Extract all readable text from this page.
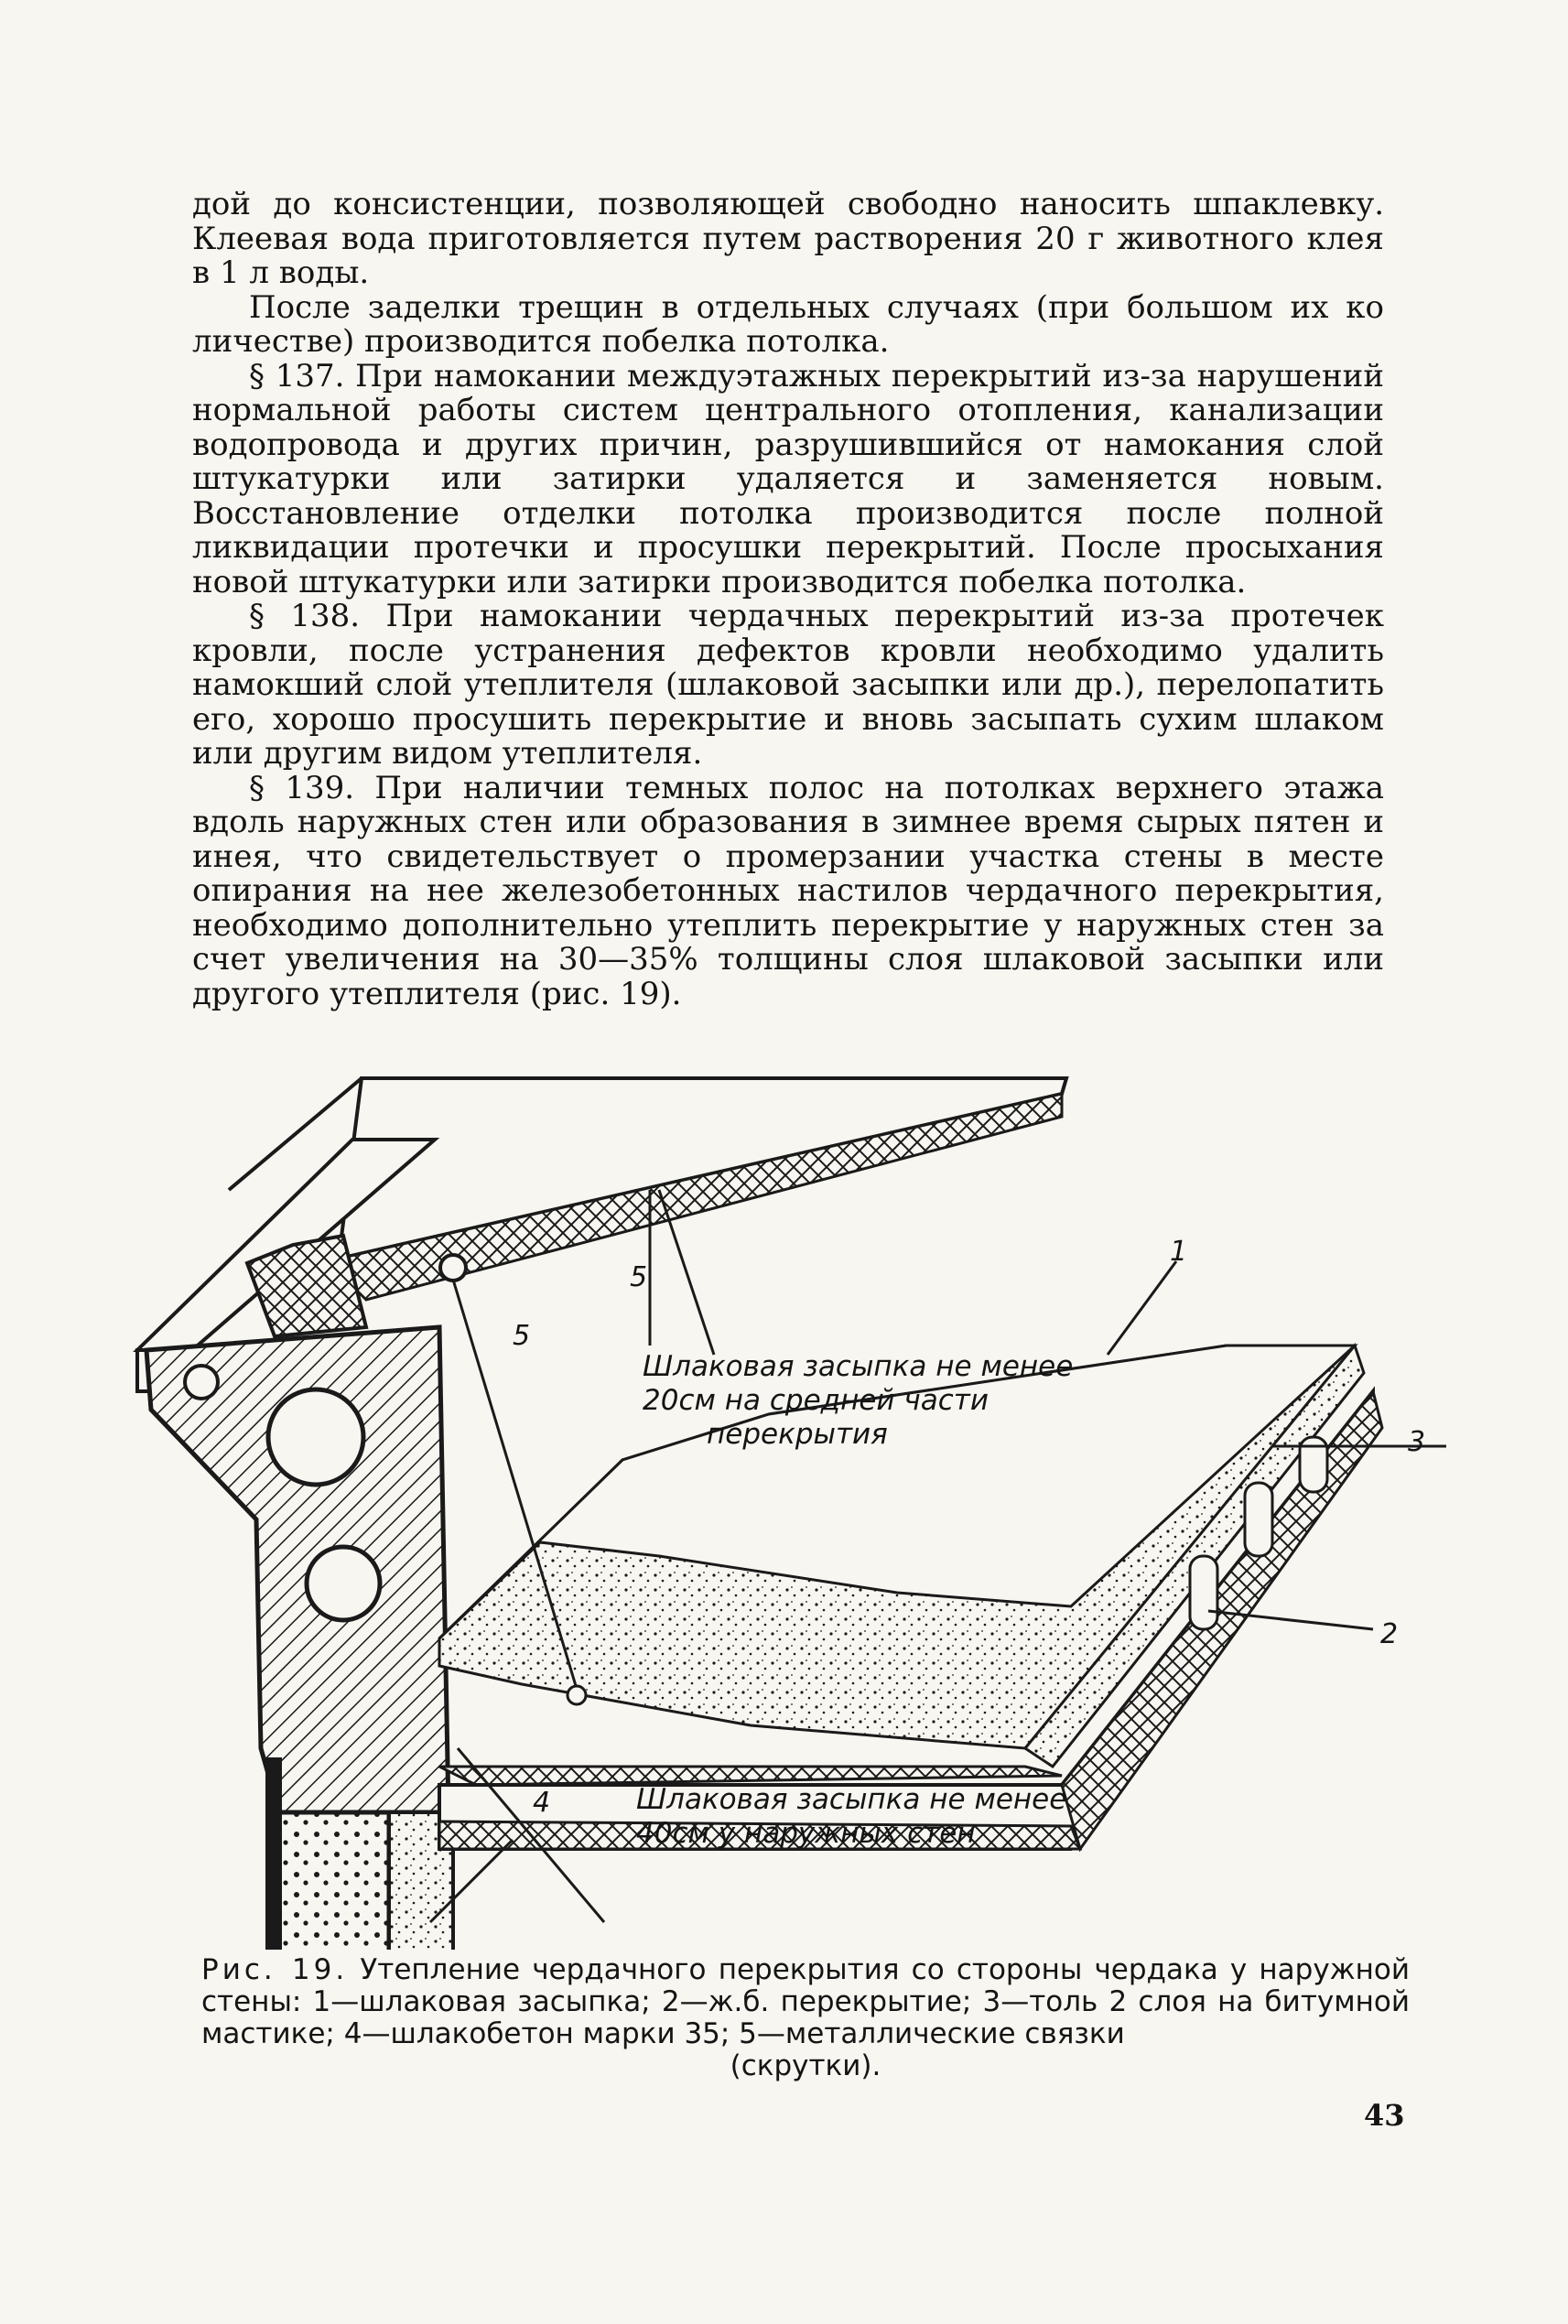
дой до консистенции, позволяющей свободно наносить шпаклевку. Клеевая вода приготовляется путем растворения 20 г животного клея в 1 л воды.

После заделки трещин в отдельных случаях (при большом их ко личестве) производится побелка потолка.

§ 137. При намокании междуэтажных перекрытий из-за нарушений нормальной работы систем центрального отопления, канализации водопровода и других причин, разрушившийся от намокания слой штукатурки или затирки удаляется и заменяется новым. Восстановление отделки потолка производится после полной ликвидации протечки и просушки перекрытий. После просыхания новой штукатурки или затирки производится побелка потолка.

§ 138. При намокании чердачных перекрытий из-за протечек кровли, после устранения дефектов кровли необходимо удалить намокший слой утеплителя (шлаковой засыпки или др.), перелопатить его, хорошо просушить перекрытие и вновь засыпать сухим шлаком или другим видом утеплителя.

§ 139. При наличии темных полос на потолках верхнего этажа вдоль наружных стен или образования в зимнее время сырых пятен и инея, что свидетельствует о промерзании участка стены в месте опирания на нее железобетонных настилов чердачного перекрытия, необходимо дополнительно утеплить перекрытие у наружных стен за счет увеличения на 30—35% толщины слоя шлаковой засыпки или другого утеплителя (рис. 19).

1
3
2
5
5
4
Шлаковая засыпка не менее
20см на средней части
перекрытия
Шлаковая засыпка не менее
40см у наружных стен
Рис. 19. Утепление чердачного перекрытия со стороны чердака у наружной стены: 1—шлаковая засыпка; 2—ж.б. перекрытие; 3—толь 2 слоя на битумной мастике; 4—шлакобетон марки 35; 5—металлические связки
(скрутки).
43
